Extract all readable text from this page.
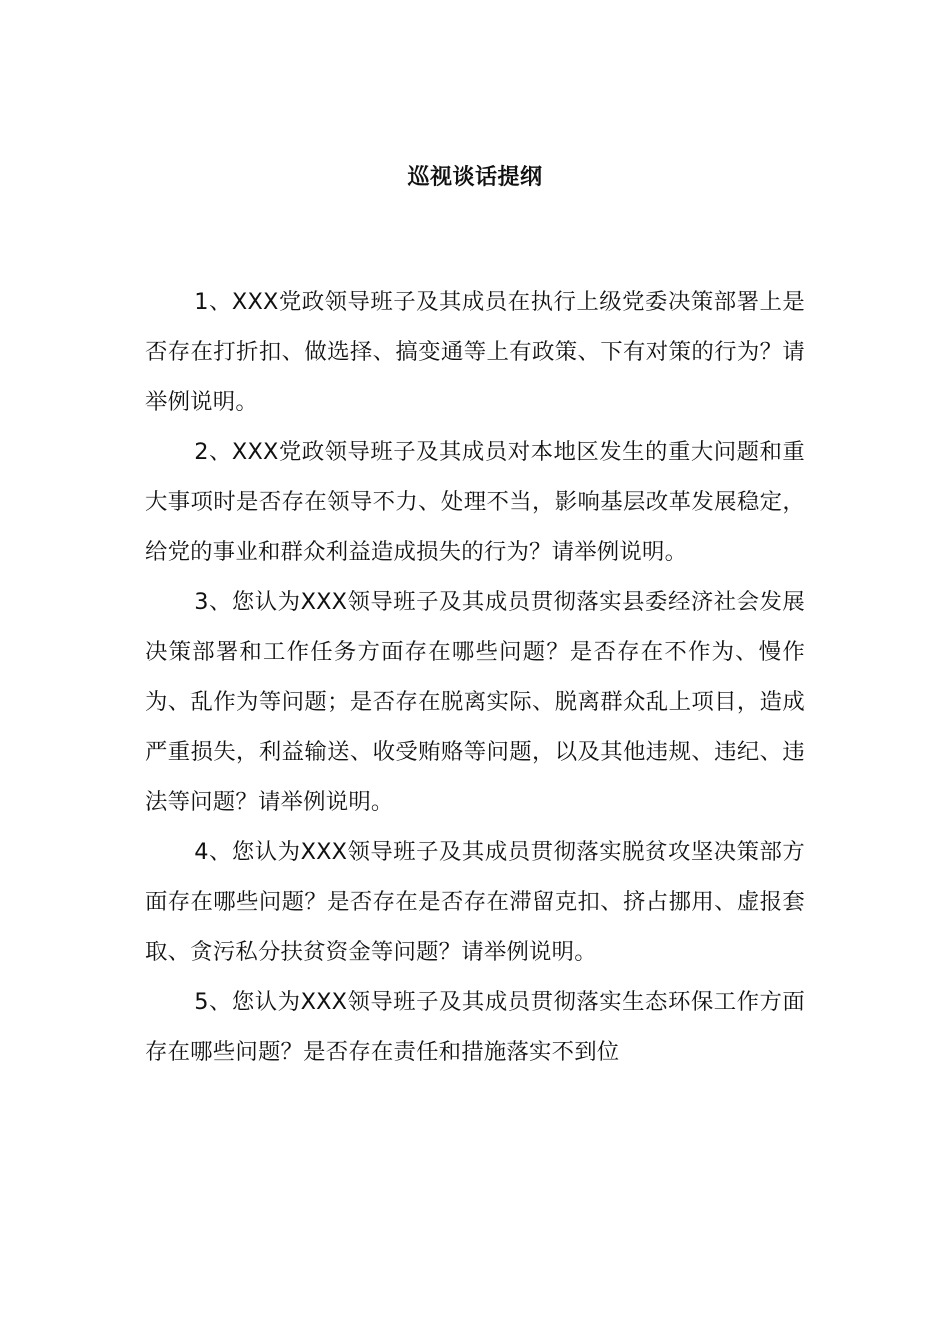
巡视谈话提纲

1、XXX党政领导班子及其成员在执行上级党委决策部署上是否存在打折扣、做选择、搞变通等上有政策、下有对策的行为？请举例说明。

2、XXX党政领导班子及其成员对本地区发生的重大问题和重大事项时是否存在领导不力、处理不当，影响基层改革发展稳定，给党的事业和群众利益造成损失的行为？请举例说明。

3、您认为XXX领导班子及其成员贯彻落实县委经济社会发展决策部署和工作任务方面存在哪些问题？是否存在不作为、慢作为、乱作为等问题；是否存在脱离实际、脱离群众乱上项目，造成严重损失，利益输送、收受贿赂等问题，以及其他违规、违纪、违法等问题？请举例说明。

4、您认为XXX领导班子及其成员贯彻落实脱贫攻坚决策部方面存在哪些问题？是否存在是否存在滞留克扣、挤占挪用、虚报套取、贪污私分扶贫资金等问题？请举例说明。

5、您认为XXX领导班子及其成员贯彻落实生态环保工作方面存在哪些问题？是否存在责任和措施落实不到位
